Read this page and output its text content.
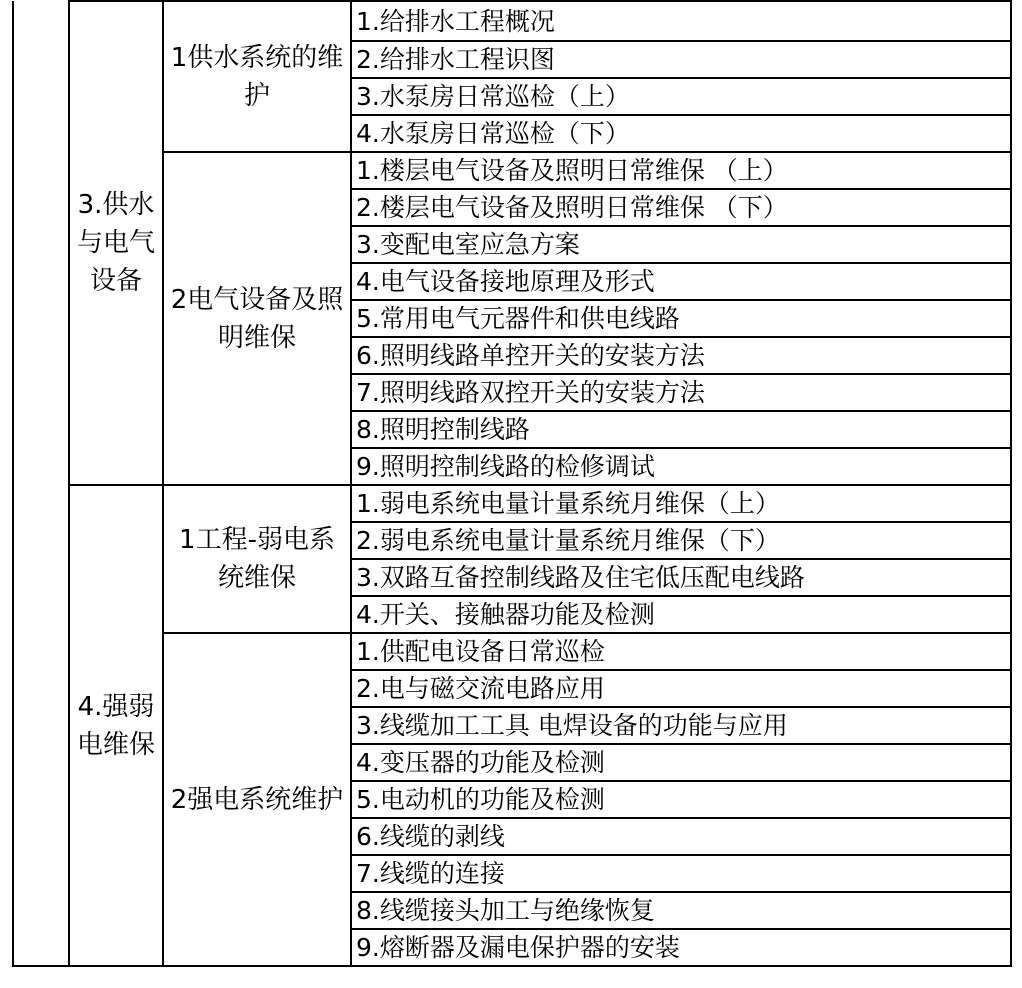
	3.供水与电气设备	1供水系统的维护	1.给排水工程概况
			2.给排水工程识图
			3.水泵房日常巡检（上）
			4.水泵房日常巡检（下）
		2电气设备及照明维保	1.楼层电气设备及照明日常维保 （上）
			2.楼层电气设备及照明日常维保 （下）
			3.变配电室应急方案
			4.电气设备接地原理及形式
			5.常用电气元器件和供电线路
			6.照明线路单控开关的安装方法
			7.照明线路双控开关的安装方法
			8.照明控制线路
			9.照明控制线路的检修调试
	4.强弱电维保	1工程-弱电系统维保	1.弱电系统电量计量系统月维保（上）
			2.弱电系统电量计量系统月维保（下）
			3.双路互备控制线路及住宅低压配电线路
			4.开关、接触器功能及检测
		2强电系统维护	1.供配电设备日常巡检
			2.电与磁交流电路应用
			3.线缆加工工具 电焊设备的功能与应用
			4.变压器的功能及检测
			5.电动机的功能及检测
			6.线缆的剥线
			7.线缆的连接
			8.线缆接头加工与绝缘恢复
			9.熔断器及漏电保护器的安装
